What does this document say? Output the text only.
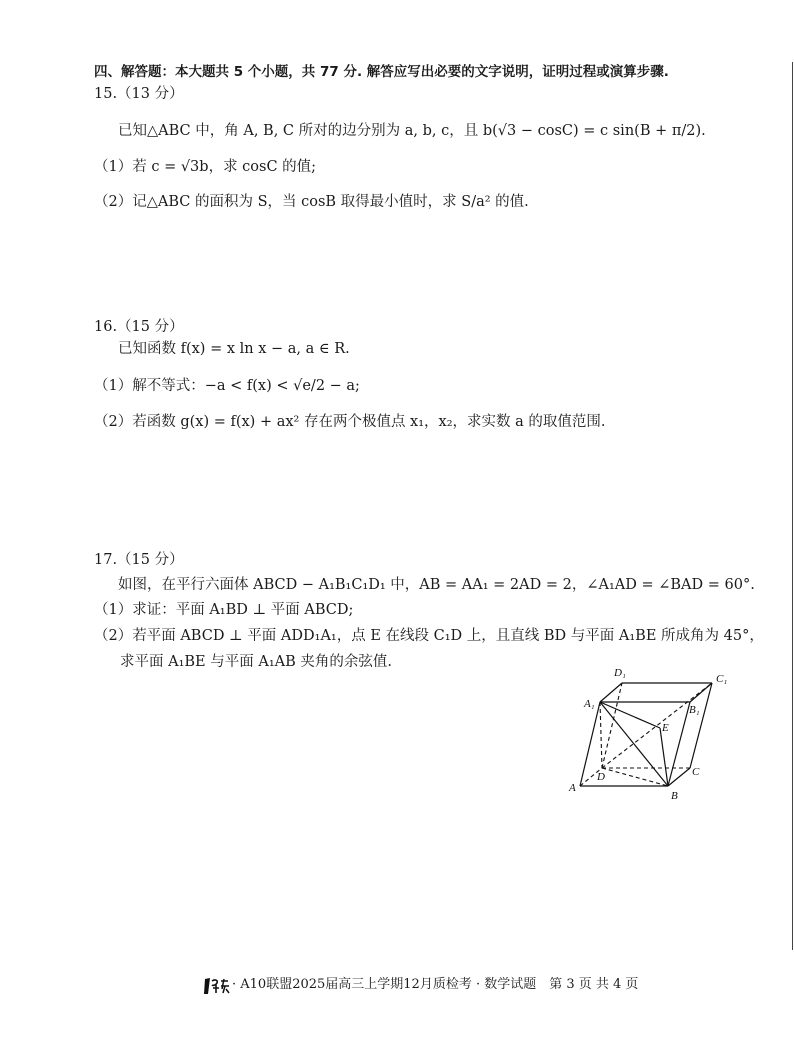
四、解答题：本大题共 5 个小题，共 77 分. 解答应写出必要的文字说明，证明过程或演算步骤.
15.（13 分）
已知△ABC 中，角 A, B, C 所对的边分别为 a, b, c，且 b(√3 − cosC) = c sin(B + π/2).
（1）若 c = √3b，求 cosC 的值;
（2）记△ABC 的面积为 S，当 cosB 取得最小值时，求 S/a² 的值.
16.（15 分）
已知函数 f(x) = x ln x − a, a ∈ R.
（1）解不等式：−a < f(x) < √e/2 − a;
（2）若函数 g(x) = f(x) + ax² 存在两个极值点 x₁，x₂，求实数 a 的取值范围.
17.（15 分）
如图，在平行六面体 ABCD − A₁B₁C₁D₁ 中，AB = AA₁ = 2AD = 2，∠A₁AD = ∠BAD = 60°.
（1）求证：平面 A₁BD ⊥ 平面 ABCD;
（2）若平面 ABCD ⊥ 平面 ADD₁A₁，点 E 在线段 C₁D 上，且直线 BD 与平面 A₁BE 所成角为 45°，
求平面 A₁BE 与平面 A₁AB 夹角的余弦值.
D₁	C₁
A₁	B₁
E
D	C
A
B
· A10联盟2025届高三上学期12月质检考 · 数学试题　第 3 页 共 4 页
